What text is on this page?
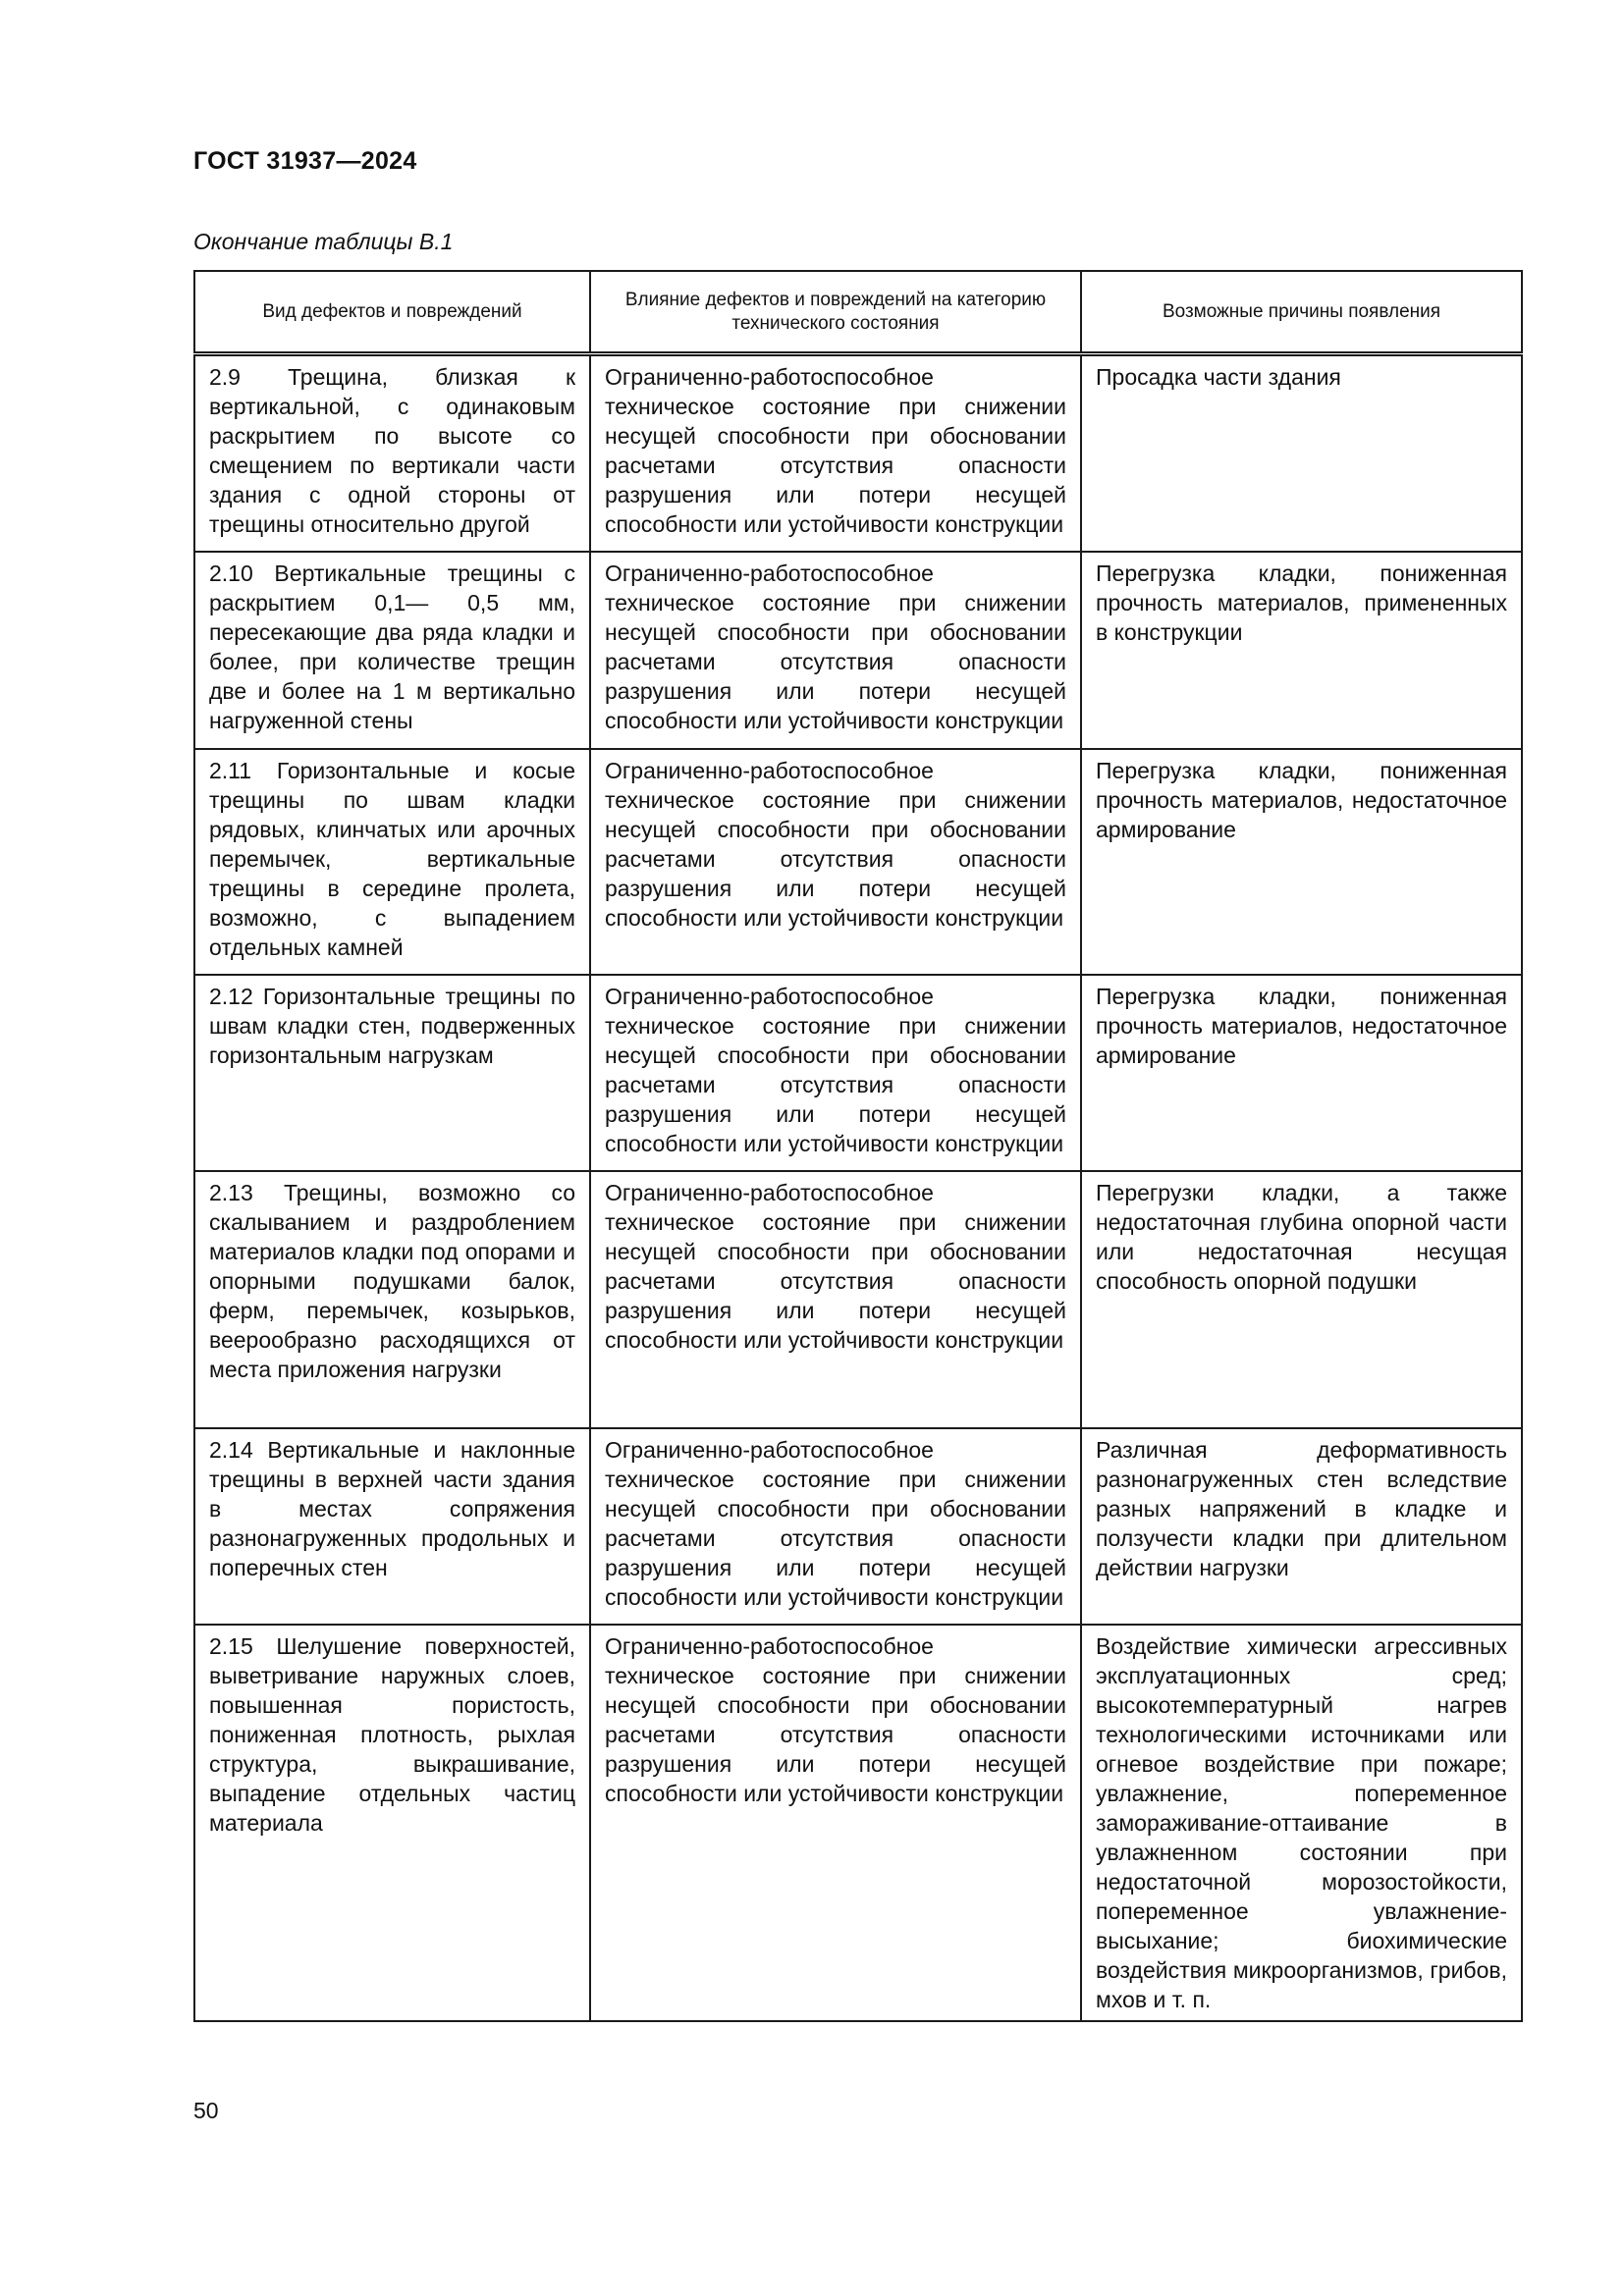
ГОСТ 31937—2024
Окончание таблицы В.1
Вид дефектов и повреждений	Влияние дефектов и повреждений на категорию технического состояния	Возможные причины появления
2.9 Трещина, близкая к вертикальной, с одинаковым раскрытием по высоте со смещением по вертикали части здания с одной стороны от трещины относительно другой	Ограниченно-работоспособное техническое состояние при снижении несущей способности при обосновании расчетами отсутствия опасности разрушения или потери несущей способности или устойчивости конструкции	Просадка части здания
2.10 Вертикальные трещины с раскрытием 0,1— 0,5 мм, пересекающие два ряда кладки и более, при количестве трещин две и более на 1 м вертикально нагруженной стены	Ограниченно-работоспособное техническое состояние при снижении несущей способности при обосновании расчетами отсутствия опасности разрушения или потери несущей способности или устойчивости конструкции	Перегрузка кладки, пониженная прочность материалов, примененных в конструкции
2.11 Горизонтальные и косые трещины по швам кладки рядовых, клинчатых или арочных перемычек, вертикальные трещины в середине пролета, возможно, с выпадением отдельных камней	Ограниченно-работоспособное техническое состояние при снижении несущей способности при обосновании расчетами отсутствия опасности разрушения или потери несущей способности или устойчивости конструкции	Перегрузка кладки, пониженная прочность материалов, недостаточное армирование
2.12 Горизонтальные трещины по швам кладки стен, подверженных горизонтальным нагрузкам	Ограниченно-работоспособное техническое состояние при снижении несущей способности при обосновании расчетами отсутствия опасности разрушения или потери несущей способности или устойчивости конструкции	Перегрузка кладки, пониженная прочность материалов, недостаточное армирование
2.13 Трещины, возможно со скалыванием и раздроблением материалов кладки под опорами и опорными подушками балок, ферм, перемычек, козырьков, веерообразно расходящихся от места приложения нагрузки	Ограниченно-работоспособное техническое состояние при снижении несущей способности при обосновании расчетами отсутствия опасности разрушения или потери несущей способности или устойчивости конструкции	Перегрузки кладки, а также недостаточная глубина опорной части или недостаточная несущая способность опорной подушки
2.14 Вертикальные и наклонные трещины в верхней части здания в местах сопряжения разнонагруженных продольных и поперечных стен	Ограниченно-работоспособное техническое состояние при снижении несущей способности при обосновании расчетами отсутствия опасности разрушения или потери несущей способности или устойчивости конструкции	Различная деформативность разнонагруженных стен вследствие разных напряжений в кладке и ползучести кладки при длительном действии нагрузки
2.15 Шелушение поверхностей, выветривание наружных слоев, повышенная пористость, пониженная плотность, рыхлая структура, выкрашивание, выпадение отдельных частиц материала	Ограниченно-работоспособное техническое состояние при снижении несущей способности при обосновании расчетами отсутствия опасности разрушения или потери несущей способности или устойчивости конструкции	Воздействие химически агрессивных эксплуатационных сред; высокотемпературный нагрев технологическими источниками или огневое воздействие при пожаре; увлажнение, попеременное замораживание-оттаивание в увлажненном состоянии при недостаточной морозостойкости, попеременное увлажнение-высыхание; биохимические воздействия микроорганизмов, грибов, мхов и т. п.
50
